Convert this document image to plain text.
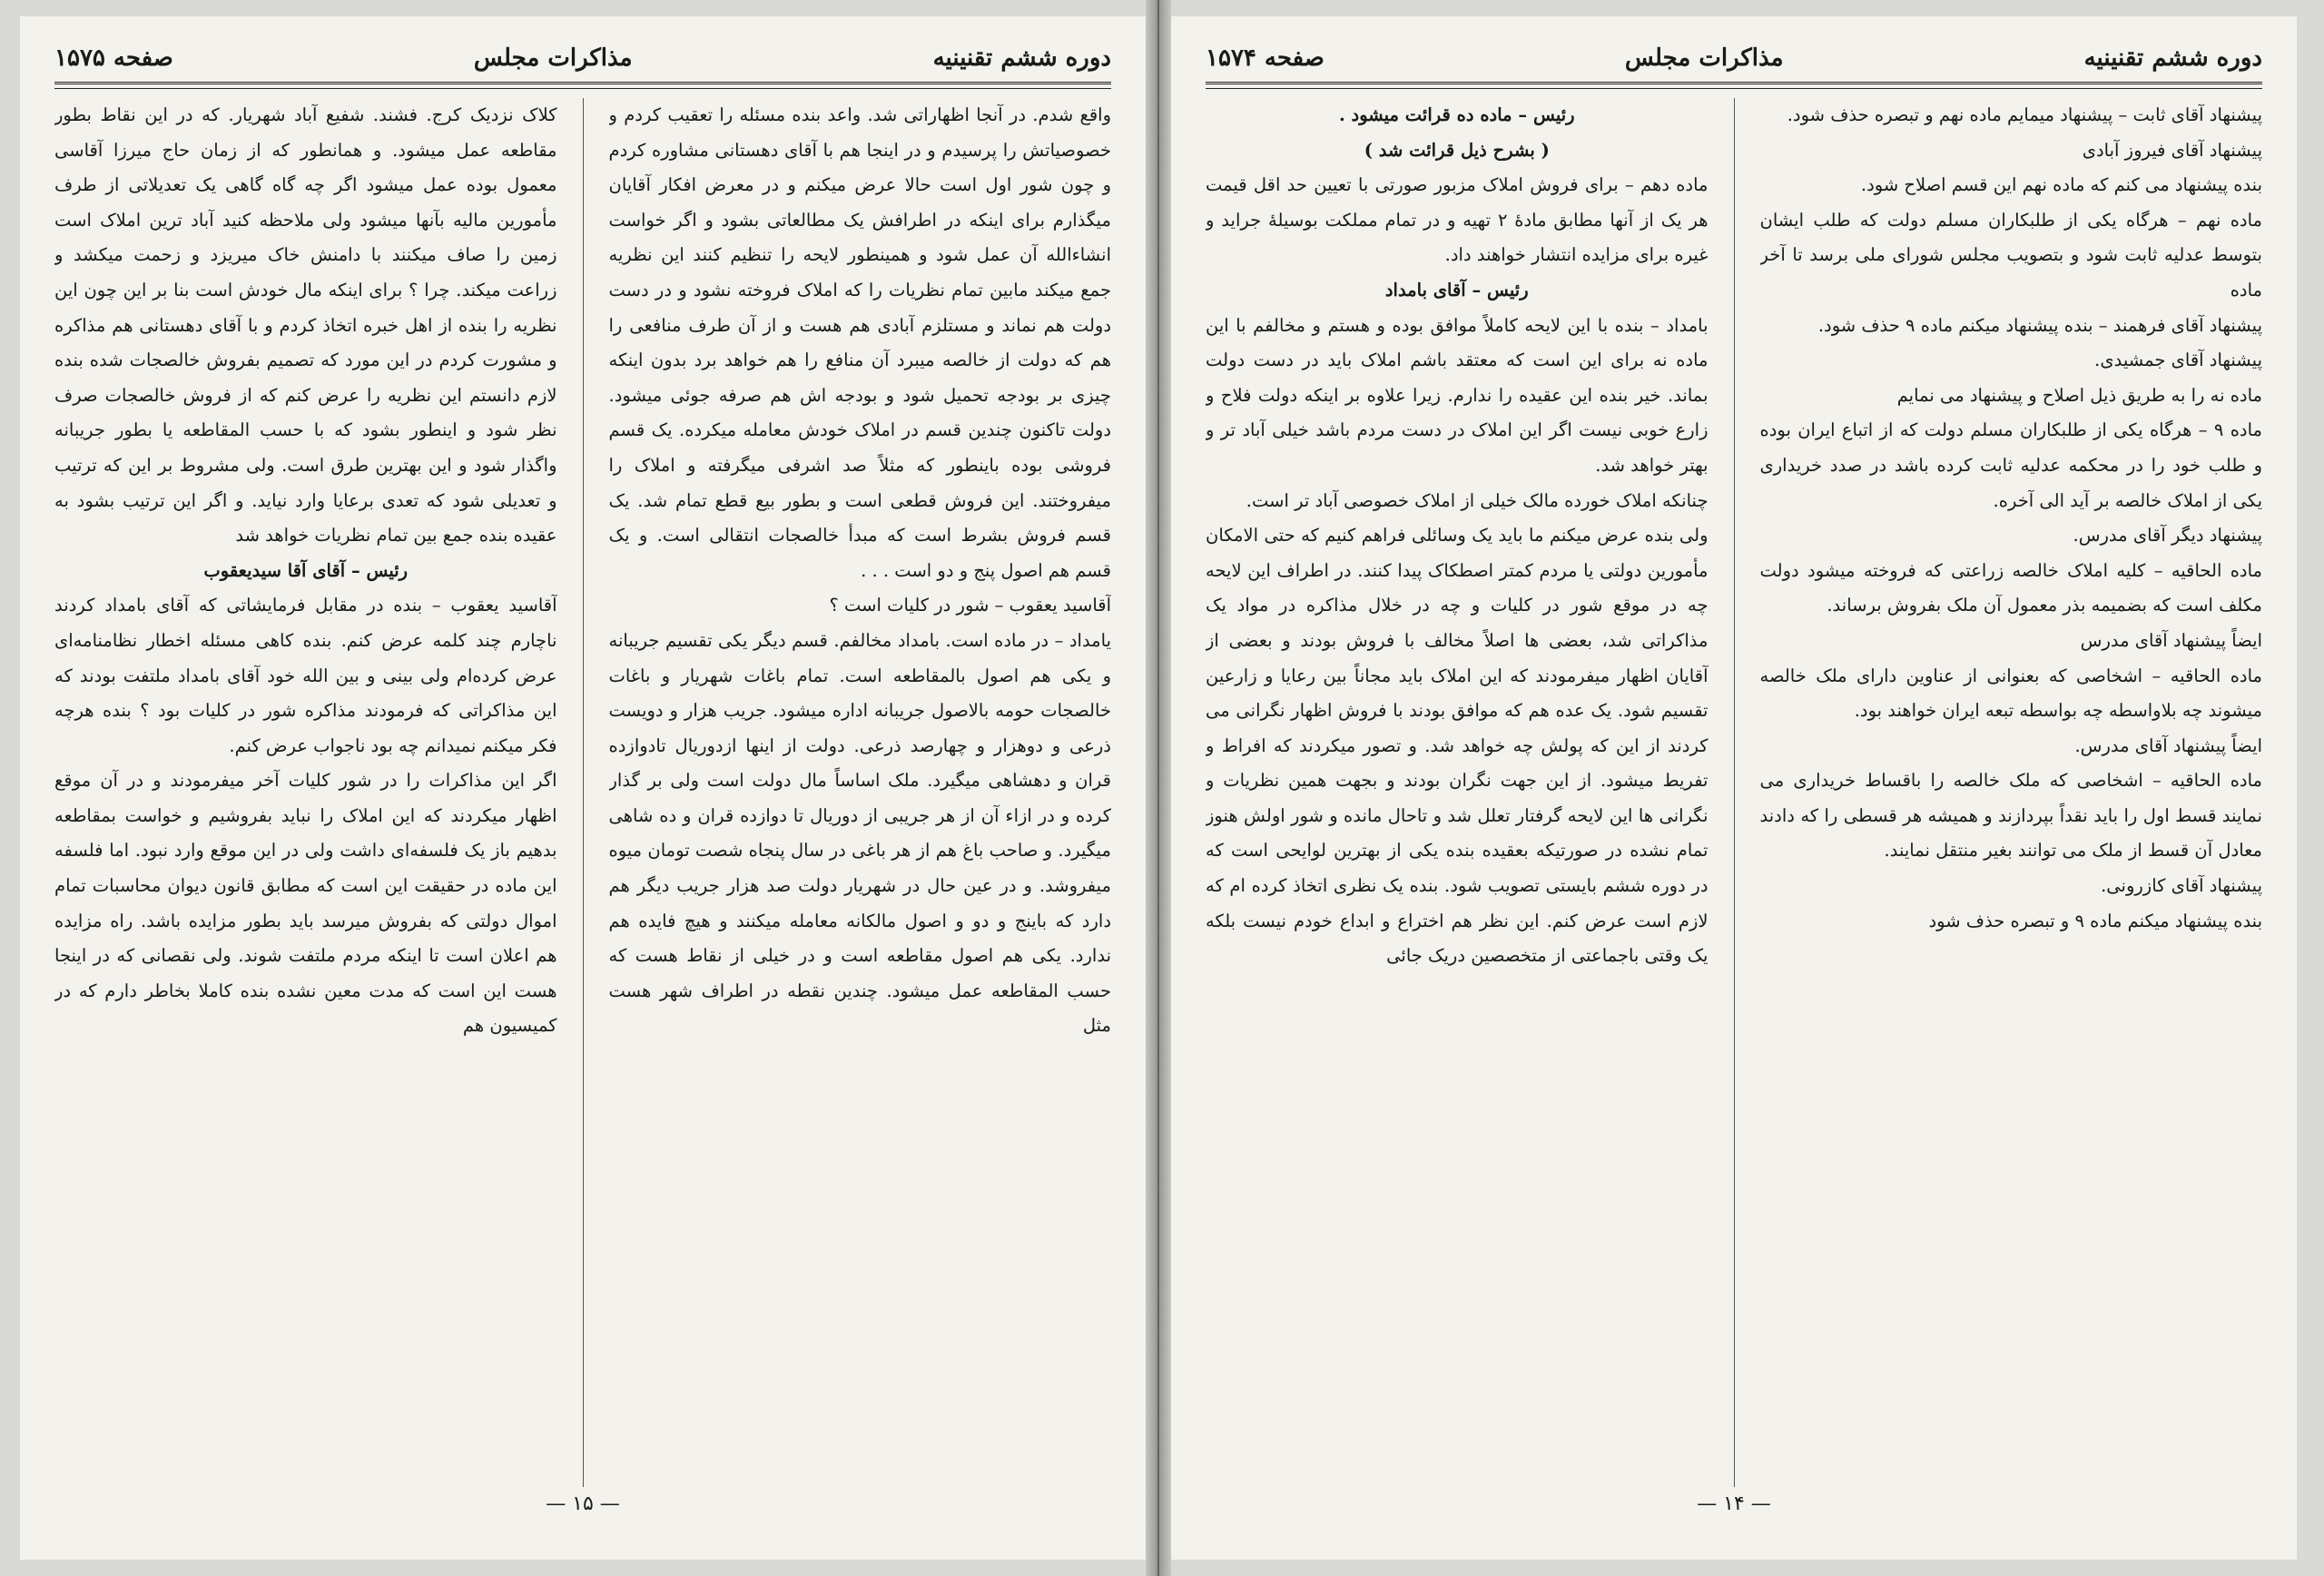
دوره ششم تقنینیه
مذاکرات مجلس
صفحه ۱۵۷۵

واقع شدم. در آنجا اظهاراتی شد. واعد بنده مسئله را تعقیب کردم و خصوصیاتش را پرسیدم و در اینجا هم با آقای دهستانی مشاوره کردم و چون شور اول است حالا عرض میکنم و در معرض افکار آقایان میگذارم برای اینکه در اطرافش یک مطالعاتی بشود و اگر خواست انشاءالله آن عمل شود و همینطور لایحه را تنظیم کنند این نظریه جمع میکند مابین تمام نظریات را که املاک فروخته نشود و در دست دولت هم نماند و مستلزم آبادی هم هست و از آن طرف منافعی را هم که دولت از خالصه میبرد آن منافع را هم خواهد برد بدون اینکه چیزی بر بودجه تحمیل شود و بودجه اش هم صرفه جوئی میشود. دولت تاکنون چندین قسم در املاک خودش معامله میکرده. یک قسم فروشی بوده باینطور که مثلاً صد اشرفی میگرفته و املاک را میفروختند. این فروش قطعی است و بطور بیع قطع تمام شد. یک قسم فروش بشرط است که مبدأ خالصجات انتقالی است. و یک قسم هم اصول پنج و دو است . . .

آقاسید یعقوب – شور در کلیات است ؟

یامداد – در ماده است. بامداد مخالفم. قسم دیگر یکی تقسیم جریبانه و یکی هم اصول بالمقاطعه است. تمام باغات شهریار و باغات خالصجات حومه بالاصول جریبانه اداره میشود. جریب هزار و دویست ذرعی و دوهزار و چهارصد ذرعی. دولت از اینها ازدوریال تادوازده قران و دهشاهی میگیرد. ملک اساساً مال دولت است ولی بر گذار کرده و در ازاء آن از هر جریبی از دوریال تا دوازده قران و ده شاهی میگیرد. و صاحب باغ هم از هر باغی در سال پنجاه شصت تومان میوه میفروشد. و در عین حال در شهریار دولت صد هزار جریب دیگر هم دارد که باینج و دو و اصول مالکانه معامله میکنند و هیچ فایده هم ندارد. یکی هم اصول مقاطعه است و در خیلی از نقاط هست که حسب المقاطعه عمل میشود. چندین نقطه در اطراف شهر هست مثل

کلاک نزدیک کرج. فشند. شفیع آباد شهریار. که در این نقاط بطور مقاطعه عمل میشود. و همانطور که از زمان حاج میرزا آقاسی معمول بوده عمل میشود اگر چه گاه گاهی یک تعدیلاتی از طرف مأمورین مالیه بآنها میشود ولی ملاحظه کنید آباد ترین املاک است زمین را صاف میکنند با دامنش خاک میریزد و زحمت میکشد و زراعت میکند. چرا ؟ برای اینکه مال خودش است بنا بر این چون این نظریه را بنده از اهل خبره اتخاذ کردم و با آقای دهستانی هم مذاکره و مشورت کردم در این مورد که تصمیم بفروش خالصجات شده بنده لازم دانستم این نظریه را عرض کنم که از فروش خالصجات صرف نظر شود و اینطور بشود که با حسب المقاطعه یا بطور جریبانه واگذار شود و این بهترین طرق است. ولی مشروط بر این که ترتیب و تعدیلی شود که تعدی برعایا وارد نیاید. و اگر این ترتیب بشود به عقیده بنده جمع بین تمام نظریات خواهد شد

رئیس – آقای آقا سیدیعقوب

آقاسید یعقوب – بنده در مقابل فرمایشاتی که آقای بامداد کردند ناچارم چند کلمه عرض کنم. بنده کاهی مسئله اخطار نظامنامه‌ای عرض کرده‌ام ولی بینی و بین الله خود آقای بامداد ملتفت بودند که این مذاکراتی که فرمودند مذاکره شور در کلیات بود ؟ بنده هرچه فکر میکنم نمیدانم چه بود ناجواب عرض کنم.

اگر این مذاکرات را در شور کلیات آخر میفرمودند و در آن موقع اظهار میکردند که این املاک را نباید بفروشیم و خواست بمقاطعه بدهیم باز یک فلسفه‌ای داشت ولی در این موقع وارد نبود. اما فلسفه این ماده در حقیقت این است که مطابق قانون دیوان محاسبات تمام اموال دولتی که بفروش میرسد باید بطور مزایده باشد. راه مزایده هم اعلان است تا اینکه مردم ملتفت شوند. ولی نقصانی که در اینجا هست این است که مدت معین نشده بنده کاملا بخاطر دارم که در کمیسیون هم

— ۱۵ —
دوره ششم تقنینیه
مذاکرات مجلس
صفحه ۱۵۷۴

پیشنهاد آقای ثابت – پیشنهاد میمایم ماده نهم و تبصره حذف شود.

پیشنهاد آقای فیروز آبادی

بنده پیشنهاد می کنم که ماده نهم این قسم اصلاح شود.

ماده نهم – هرگاه یکی از طلبکاران مسلم دولت که طلب ایشان بتوسط عدلیه ثابت شود و بتصویب مجلس شورای ملی برسد تا آخر ماده

پیشنهاد آقای فرهمند – بنده پیشنهاد میکنم ماده ۹ حذف شود.

پیشنهاد آقای جمشیدی.

ماده نه را به طریق ذیل اصلاح و پیشنهاد می نمایم

ماده ۹ – هرگاه یکی از طلبکاران مسلم دولت که از اتباع ایران بوده و طلب خود را در محکمه عدلیه ثابت کرده باشد در صدد خریداری یکی از املاک خالصه بر آید الی آخره.

پیشنهاد دیگر آقای مدرس.

ماده الحاقیه – کلیه املاک خالصه زراعتی که فروخته میشود دولت مکلف است که بضمیمه بذر معمول آن ملک بفروش برساند.

ایضاً پیشنهاد آقای مدرس

ماده الحاقیه – اشخاصی که بعنوانی از عناوین دارای ملک خالصه میشوند چه بلاواسطه چه بواسطه تبعه ایران خواهند بود.

ایضاً پیشنهاد آقای مدرس.

ماده الحاقیه – اشخاصی که ملک خالصه را باقساط خریداری می نمایند قسط اول را باید نقداً بپردازند و همیشه هر قسطی را که دادند معادل آن قسط از ملک می توانند بغیر منتقل نمایند.

پیشنهاد آقای کازرونی.

بنده پیشنهاد میکنم ماده ۹ و تبصره حذف شود

رئیس – ماده ده قرائت میشود .

( بشرح ذیل قرائت شد )

ماده دهم – برای فروش املاک مزبور صورتی با تعیین حد اقل قیمت هر یک از آنها مطابق مادهٔ ۲ تهیه و در تمام مملکت بوسیلهٔ جراید و غیره برای مزایده انتشار خواهند داد.

رئیس – آقای بامداد

بامداد – بنده با این لایحه کاملاً موافق بوده و هستم و مخالفم با این ماده نه برای این است که معتقد باشم املاک باید در دست دولت بماند. خیر بنده این عقیده را ندارم. زیرا علاوه بر اینکه دولت فلاح و زارع خوبی نیست اگر این املاک در دست مردم باشد خیلی آباد تر و بهتر خواهد شد.

چنانکه املاک خورده مالک خیلی از املاک خصوصی آباد تر است.

ولی بنده عرض میکنم ما باید یک وسائلی فراهم کنیم که حتی الامکان مأمورین دولتی یا مردم کمتر اصطکاک پیدا کنند. در اطراف این لایحه چه در موقع شور در کلیات و چه در خلال مذاکره در مواد یک مذاکراتی شد، بعضی ها اصلاً مخالف با فروش بودند و بعضی از آقایان اظهار میفرمودند که این املاک باید مجاناً بین رعایا و زارعین تقسیم شود. یک عده هم که موافق بودند با فروش اظهار نگرانی می کردند از این که پولش چه خواهد شد. و تصور میکردند که افراط و تفریط میشود. از این جهت نگران بودند و بجهت همین نظریات و نگرانی ها این لایحه گرفتار تعلل شد و تاحال مانده و شور اولش هنوز تمام نشده در صورتیکه بعقیده بنده یکی از بهترین لوایحی است که در دوره ششم بایستی تصویب شود. بنده یک نظری اتخاذ کرده ام که لازم است عرض کنم. این نظر هم اختراع و ابداع خودم نیست بلکه یک وقتی باجماعتی از متخصصین دریک جائی

— ۱۴ —
